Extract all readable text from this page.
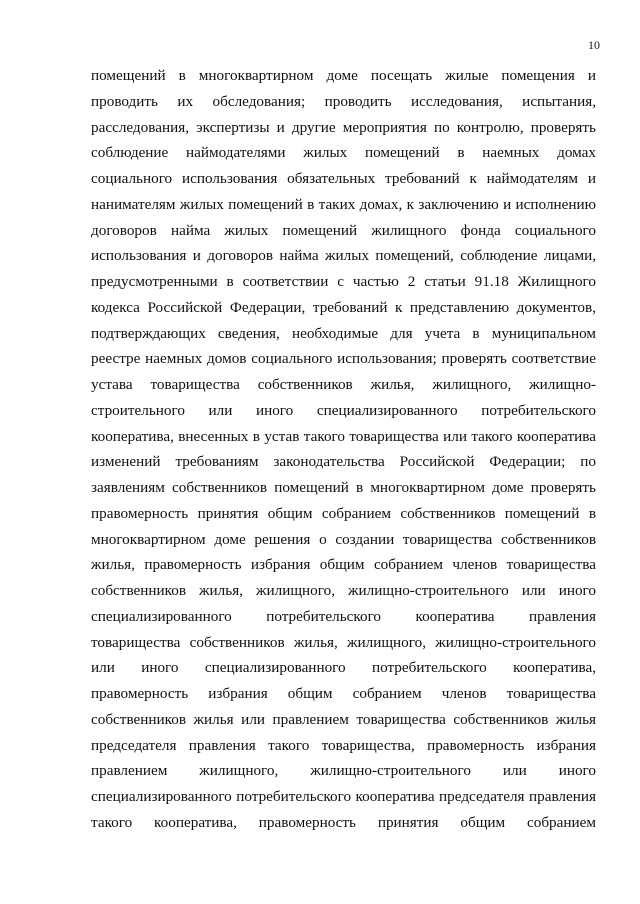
10
помещений в многоквартирном доме посещать жилые помещения и
проводить их обследования; проводить исследования, испытания,
расследования, экспертизы и другие мероприятия по контролю, проверять
соблюдение наймодателями жилых помещений в наемных домах
социального использования обязательных требований к наймодателям и
нанимателям жилых помещений в таких домах, к заключению и исполнению
договоров найма жилых помещений жилищного фонда социального
использования и договоров найма жилых помещений, соблюдение лицами,
предусмотренными в соответствии с частью 2 статьи 91.18 Жилищного
кодекса Российской Федерации, требований к представлению документов,
подтверждающих сведения, необходимые для учета в муниципальном
реестре наемных домов социального использования; проверять соответствие
устава товарищества собственников жилья, жилищного, жилищно-
строительного или иного специализированного потребительского
кооператива, внесенных в устав такого товарищества или такого кооператива
изменений требованиям законодательства Российской Федерации; по
заявлениям собственников помещений в многоквартирном доме проверять
правомерность принятия общим собранием собственников помещений в
многоквартирном доме решения о создании товарищества собственников
жилья, правомерность избрания общим собранием членов товарищества
собственников жилья, жилищного, жилищно-строительного или иного
специализированного потребительского кооператива правления
товарищества собственников жилья, жилищного, жилищно-строительного
или иного специализированного потребительского кооператива,
правомерность избрания общим собранием членов товарищества
собственников жилья или правлением товарищества собственников жилья
председателя правления такого товарищества, правомерность избрания
правлением жилищного, жилищно-строительного или иного
специализированного потребительского кооператива председателя правления
такого кооператива, правомерность принятия общим собранием
